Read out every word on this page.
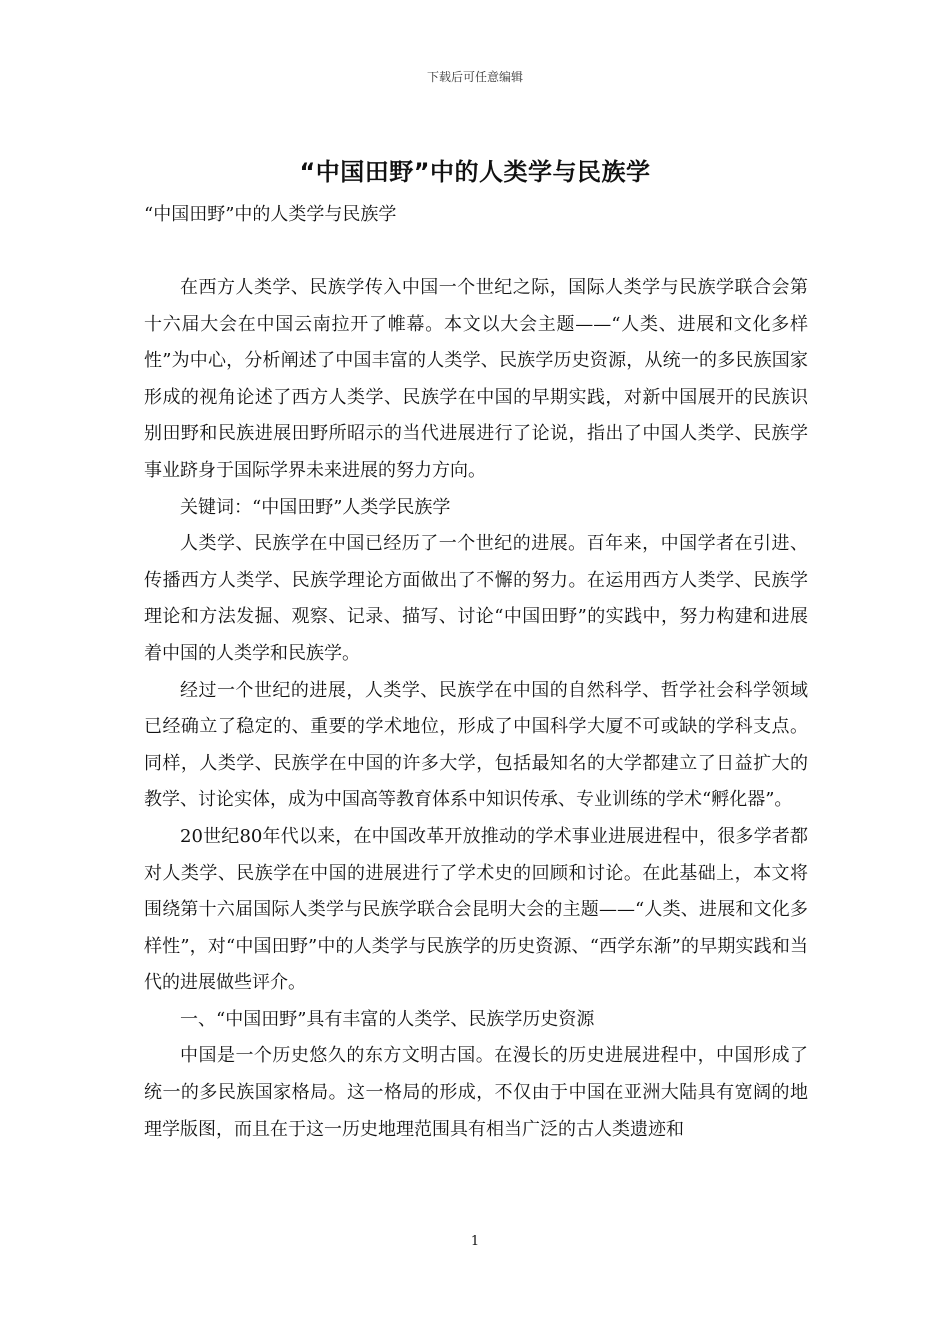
下载后可任意编辑
“中国田野”中的人类学与民族学
“中国田野”中的人类学与民族学

在西方人类学、民族学传入中国一个世纪之际，国际人类学与民族学联合会第十六届大会在中国云南拉开了帷幕。本文以大会主题——“人类、进展和文化多样性”为中心，分析阐述了中国丰富的人类学、民族学历史资源，从统一的多民族国家形成的视角论述了西方人类学、民族学在中国的早期实践，对新中国展开的民族识别田野和民族进展田野所昭示的当代进展进行了论说，指出了中国人类学、民族学事业跻身于国际学界未来进展的努力方向。

关键词：“中国田野”人类学民族学

人类学、民族学在中国已经历了一个世纪的进展。百年来，中国学者在引进、传播西方人类学、民族学理论方面做出了不懈的努力。在运用西方人类学、民族学理论和方法发掘、观察、记录、描写、讨论“中国田野”的实践中，努力构建和进展着中国的人类学和民族学。

经过一个世纪的进展，人类学、民族学在中国的自然科学、哲学社会科学领域已经确立了稳定的、重要的学术地位，形成了中国科学大厦不可或缺的学科支点。同样，人类学、民族学在中国的许多大学，包括最知名的大学都建立了日益扩大的教学、讨论实体，成为中国高等教育体系中知识传承、专业训练的学术“孵化器”。

20世纪80年代以来，在中国改革开放推动的学术事业进展进程中，很多学者都对人类学、民族学在中国的进展进行了学术史的回顾和讨论。在此基础上，本文将围绕第十六届国际人类学与民族学联合会昆明大会的主题——“人类、进展和文化多样性”，对“中国田野”中的人类学与民族学的历史资源、“西学东渐”的早期实践和当代的进展做些评介。

一、“中国田野”具有丰富的人类学、民族学历史资源

中国是一个历史悠久的东方文明古国。在漫长的历史进展进程中，中国形成了统一的多民族国家格局。这一格局的形成，不仅由于中国在亚洲大陆具有宽阔的地理学版图，而且在于这一历史地理范围具有相当广泛的古人类遗迹和

1
